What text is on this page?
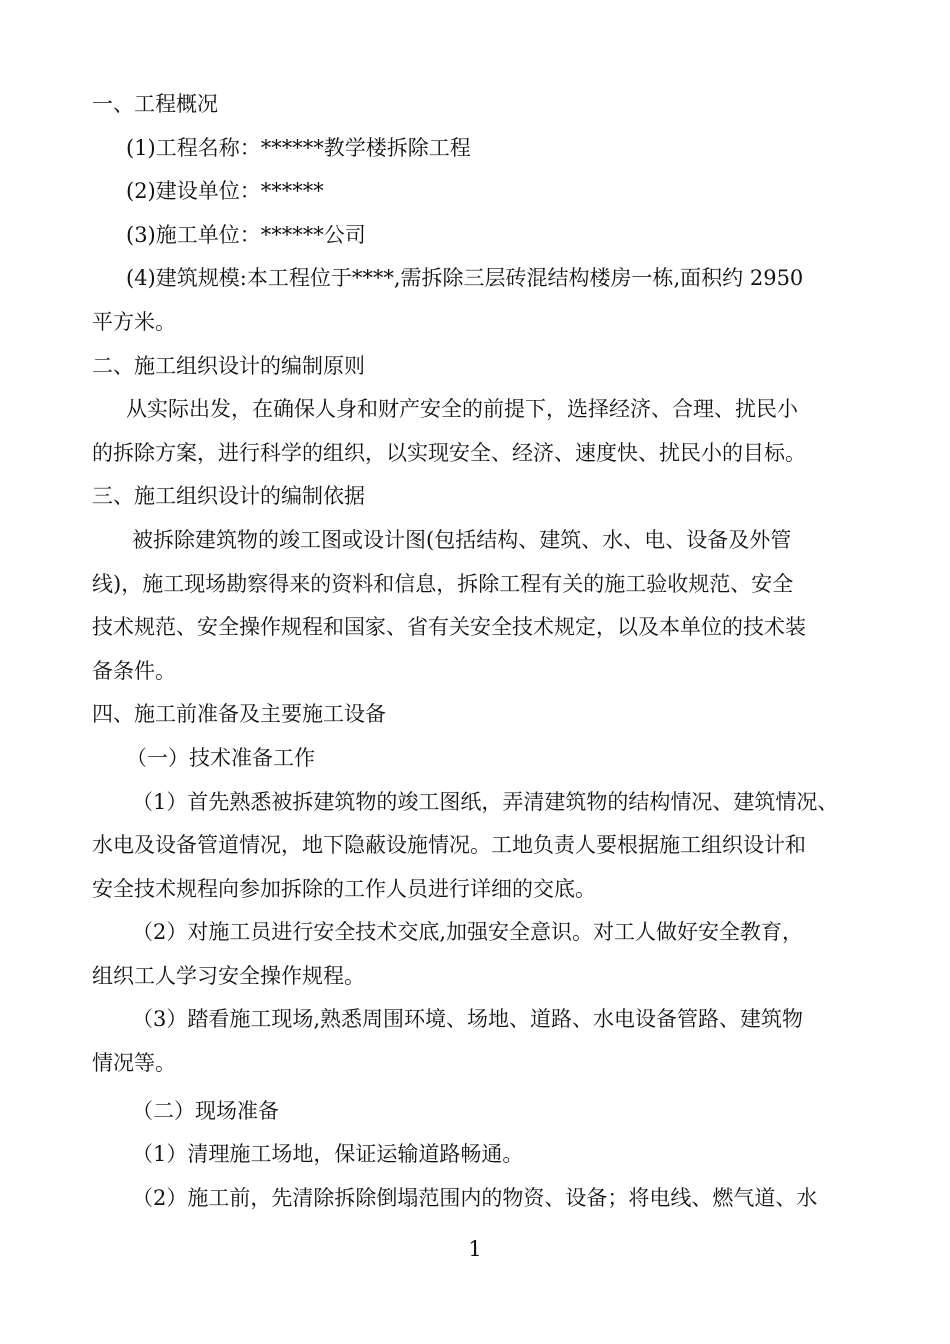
一、工程概况

(1)工程名称：******教学楼拆除工程

(2)建设单位：******

(3)施工单位：******公司

(4)建筑规模:本工程位于****,需拆除三层砖混结构楼房一栋,面积约 2950

平方米。

二、施工组织设计的编制原则

从实际出发，在确保人身和财产安全的前提下，选择经济、合理、扰民小

的拆除方案，进行科学的组织，以实现安全、经济、速度快、扰民小的目标。

三、施工组织设计的编制依据

被拆除建筑物的竣工图或设计图(包括结构、建筑、水、电、设备及外管

线)，施工现场勘察得来的资料和信息，拆除工程有关的施工验收规范、安全

技术规范、安全操作规程和国家、省有关安全技术规定，以及本单位的技术装

备条件。

四、施工前准备及主要施工设备

（一）技术准备工作

（1）首先熟悉被拆建筑物的竣工图纸，弄清建筑物的结构情况、建筑情况、

水电及设备管道情况，地下隐蔽设施情况。工地负责人要根据施工组织设计和

安全技术规程向参加拆除的工作人员进行详细的交底。

（2）对施工员进行安全技术交底,加强安全意识。对工人做好安全教育，

组织工人学习安全操作规程。

（3）踏看施工现场,熟悉周围环境、场地、道路、水电设备管路、建筑物

情况等。

（二）现场准备

（1）清理施工场地，保证运输道路畅通。

（2）施工前，先清除拆除倒塌范围内的物资、设备；将电线、燃气道、水

1
